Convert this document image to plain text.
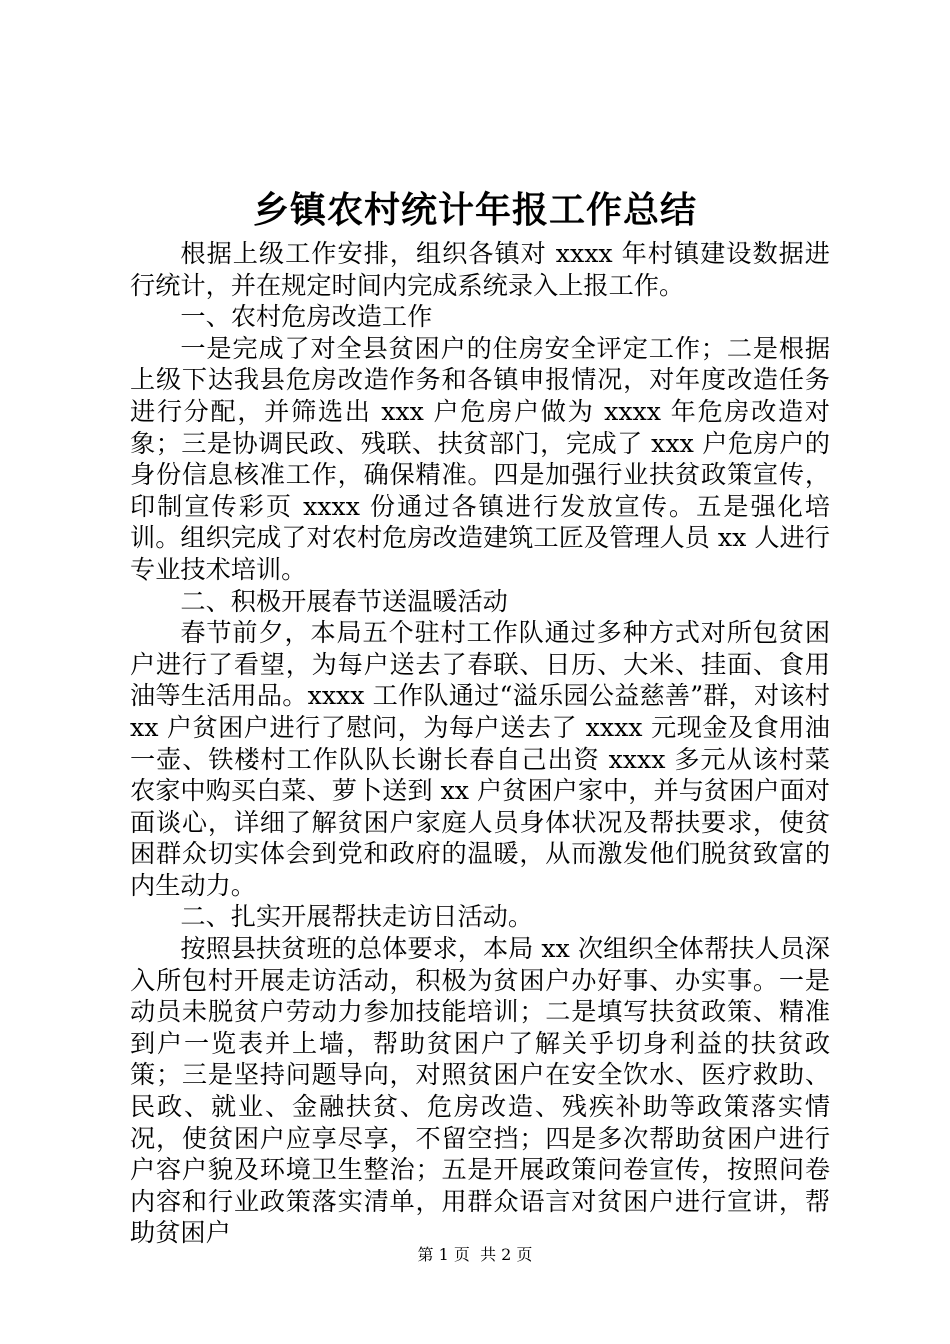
乡镇农村统计年报工作总结

根据上级工作安排，组织各镇对 xxxx 年村镇建设数据进行统计，并在规定时间内完成系统录入上报工作。

一、农村危房改造工作

一是完成了对全县贫困户的住房安全评定工作；二是根据上级下达我县危房改造作务和各镇申报情况，对年度改造任务进行分配，并筛选出 xxx 户危房户做为 xxxx 年危房改造对象；三是协调民政、残联、扶贫部门，完成了 xxx 户危房户的身份信息核准工作，确保精准。四是加强行业扶贫政策宣传，印制宣传彩页 xxxx 份通过各镇进行发放宣传。五是强化培训。组织完成了对农村危房改造建筑工匠及管理人员 xx 人进行专业技术培训。

二、积极开展春节送温暖活动

春节前夕，本局五个驻村工作队通过多种方式对所包贫困户进行了看望，为每户送去了春联、日历、大米、挂面、食用油等生活用品。xxxx 工作队通过“溢乐园公益慈善”群，对该村 xx 户贫困户进行了慰问，为每户送去了 xxxx 元现金及食用油一壶、铁楼村工作队队长谢长春自己出资 xxxx 多元从该村菜农家中购买白菜、萝卜送到 xx 户贫困户家中，并与贫困户面对面谈心，详细了解贫困户家庭人员身体状况及帮扶要求，使贫困群众切实体会到党和政府的温暖，从而激发他们脱贫致富的内生动力。

二、扎实开展帮扶走访日活动。

按照县扶贫班的总体要求，本局 xx 次组织全体帮扶人员深入所包村开展走访活动，积极为贫困户办好事、办实事。一是动员未脱贫户劳动力参加技能培训；二是填写扶贫政策、精准到户一览表并上墙，帮助贫困户了解关乎切身利益的扶贫政策；三是坚持问题导向，对照贫困户在安全饮水、医疗救助、民政、就业、金融扶贫、危房改造、残疾补助等政策落实情况，使贫困户应享尽享，不留空挡；四是多次帮助贫困户进行户容户貌及环境卫生整治；五是开展政策问卷宣传，按照问卷内容和行业政策落实清单，用群众语言对贫困户进行宣讲，帮助贫困户

第 1 页 共 2 页
